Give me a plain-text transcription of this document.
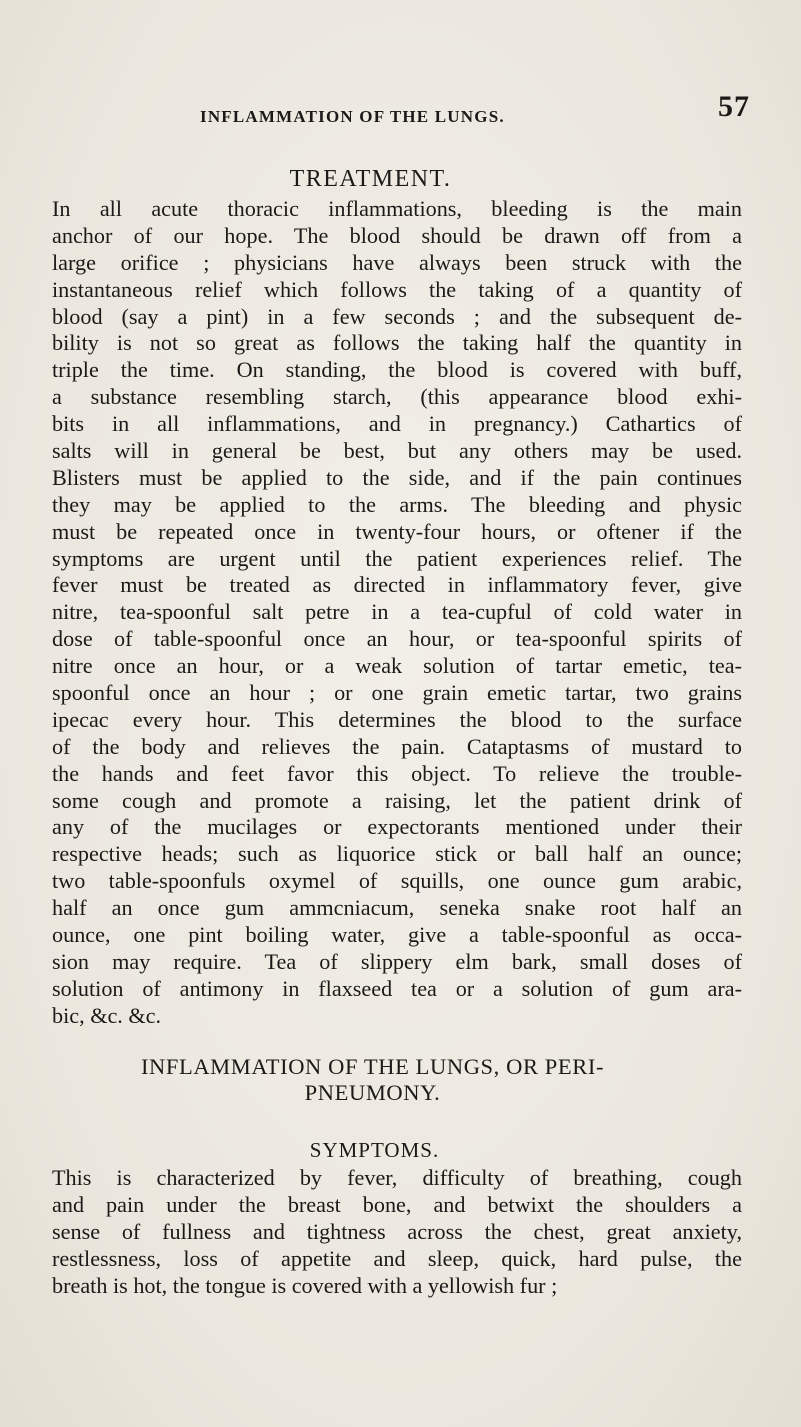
INFLAMMATION OF THE LUNGS.	57
TREATMENT.
In all acute thoracic inflammations, bleeding is the main
anchor of our hope. The blood should be drawn off from a
large orifice ; physicians have always been struck with the
instantaneous relief which follows the taking of a quantity of
blood (say a pint) in a few seconds ; and the subsequent de-
bility is not so great as follows the taking half the quantity in
triple the time. On standing, the blood is covered with buff,
a substance resembling starch, (this appearance blood exhi-
bits in all inflammations, and in pregnancy.) Cathartics of
salts will in general be best, but any others may be used.
Blisters must be applied to the side, and if the pain continues
they may be applied to the arms. The bleeding and physic
must be repeated once in twenty-four hours, or oftener if the
symptoms are urgent until the patient experiences relief. The
fever must be treated as directed in inflammatory fever, give
nitre, tea-spoonful salt petre in a tea-cupful of cold water in
dose of table-spoonful once an hour, or tea-spoonful spirits of
nitre once an hour, or a weak solution of tartar emetic, tea-
spoonful once an hour ; or one grain emetic tartar, two grains
ipecac every hour. This determines the blood to the surface
of the body and relieves the pain. Cataptasms of mustard to
the hands and feet favor this object. To relieve the trouble-
some cough and promote a raising, let the patient drink of
any of the mucilages or expectorants mentioned under their
respective heads; such as liquorice stick or ball half an ounce;
two table-spoonfuls oxymel of squills, one ounce gum arabic,
half an once gum ammcniacum, seneka snake root half an
ounce, one pint boiling water, give a table-spoonful as occa-
sion may require. Tea of slippery elm bark, small doses of
solution of antimony in flaxseed tea or a solution of gum ara-
bic, &c. &c.
INFLAMMATION OF THE LUNGS, OR PERI-
PNEUMONY.
SYMPTOMS.
This is characterized by fever, difficulty of breathing, cough
and pain under the breast bone, and betwixt the shoulders a
sense of fullness and tightness across the chest, great anxiety,
restlessness, loss of appetite and sleep, quick, hard pulse, the
breath is hot, the tongue is covered with a yellowish fur ;
